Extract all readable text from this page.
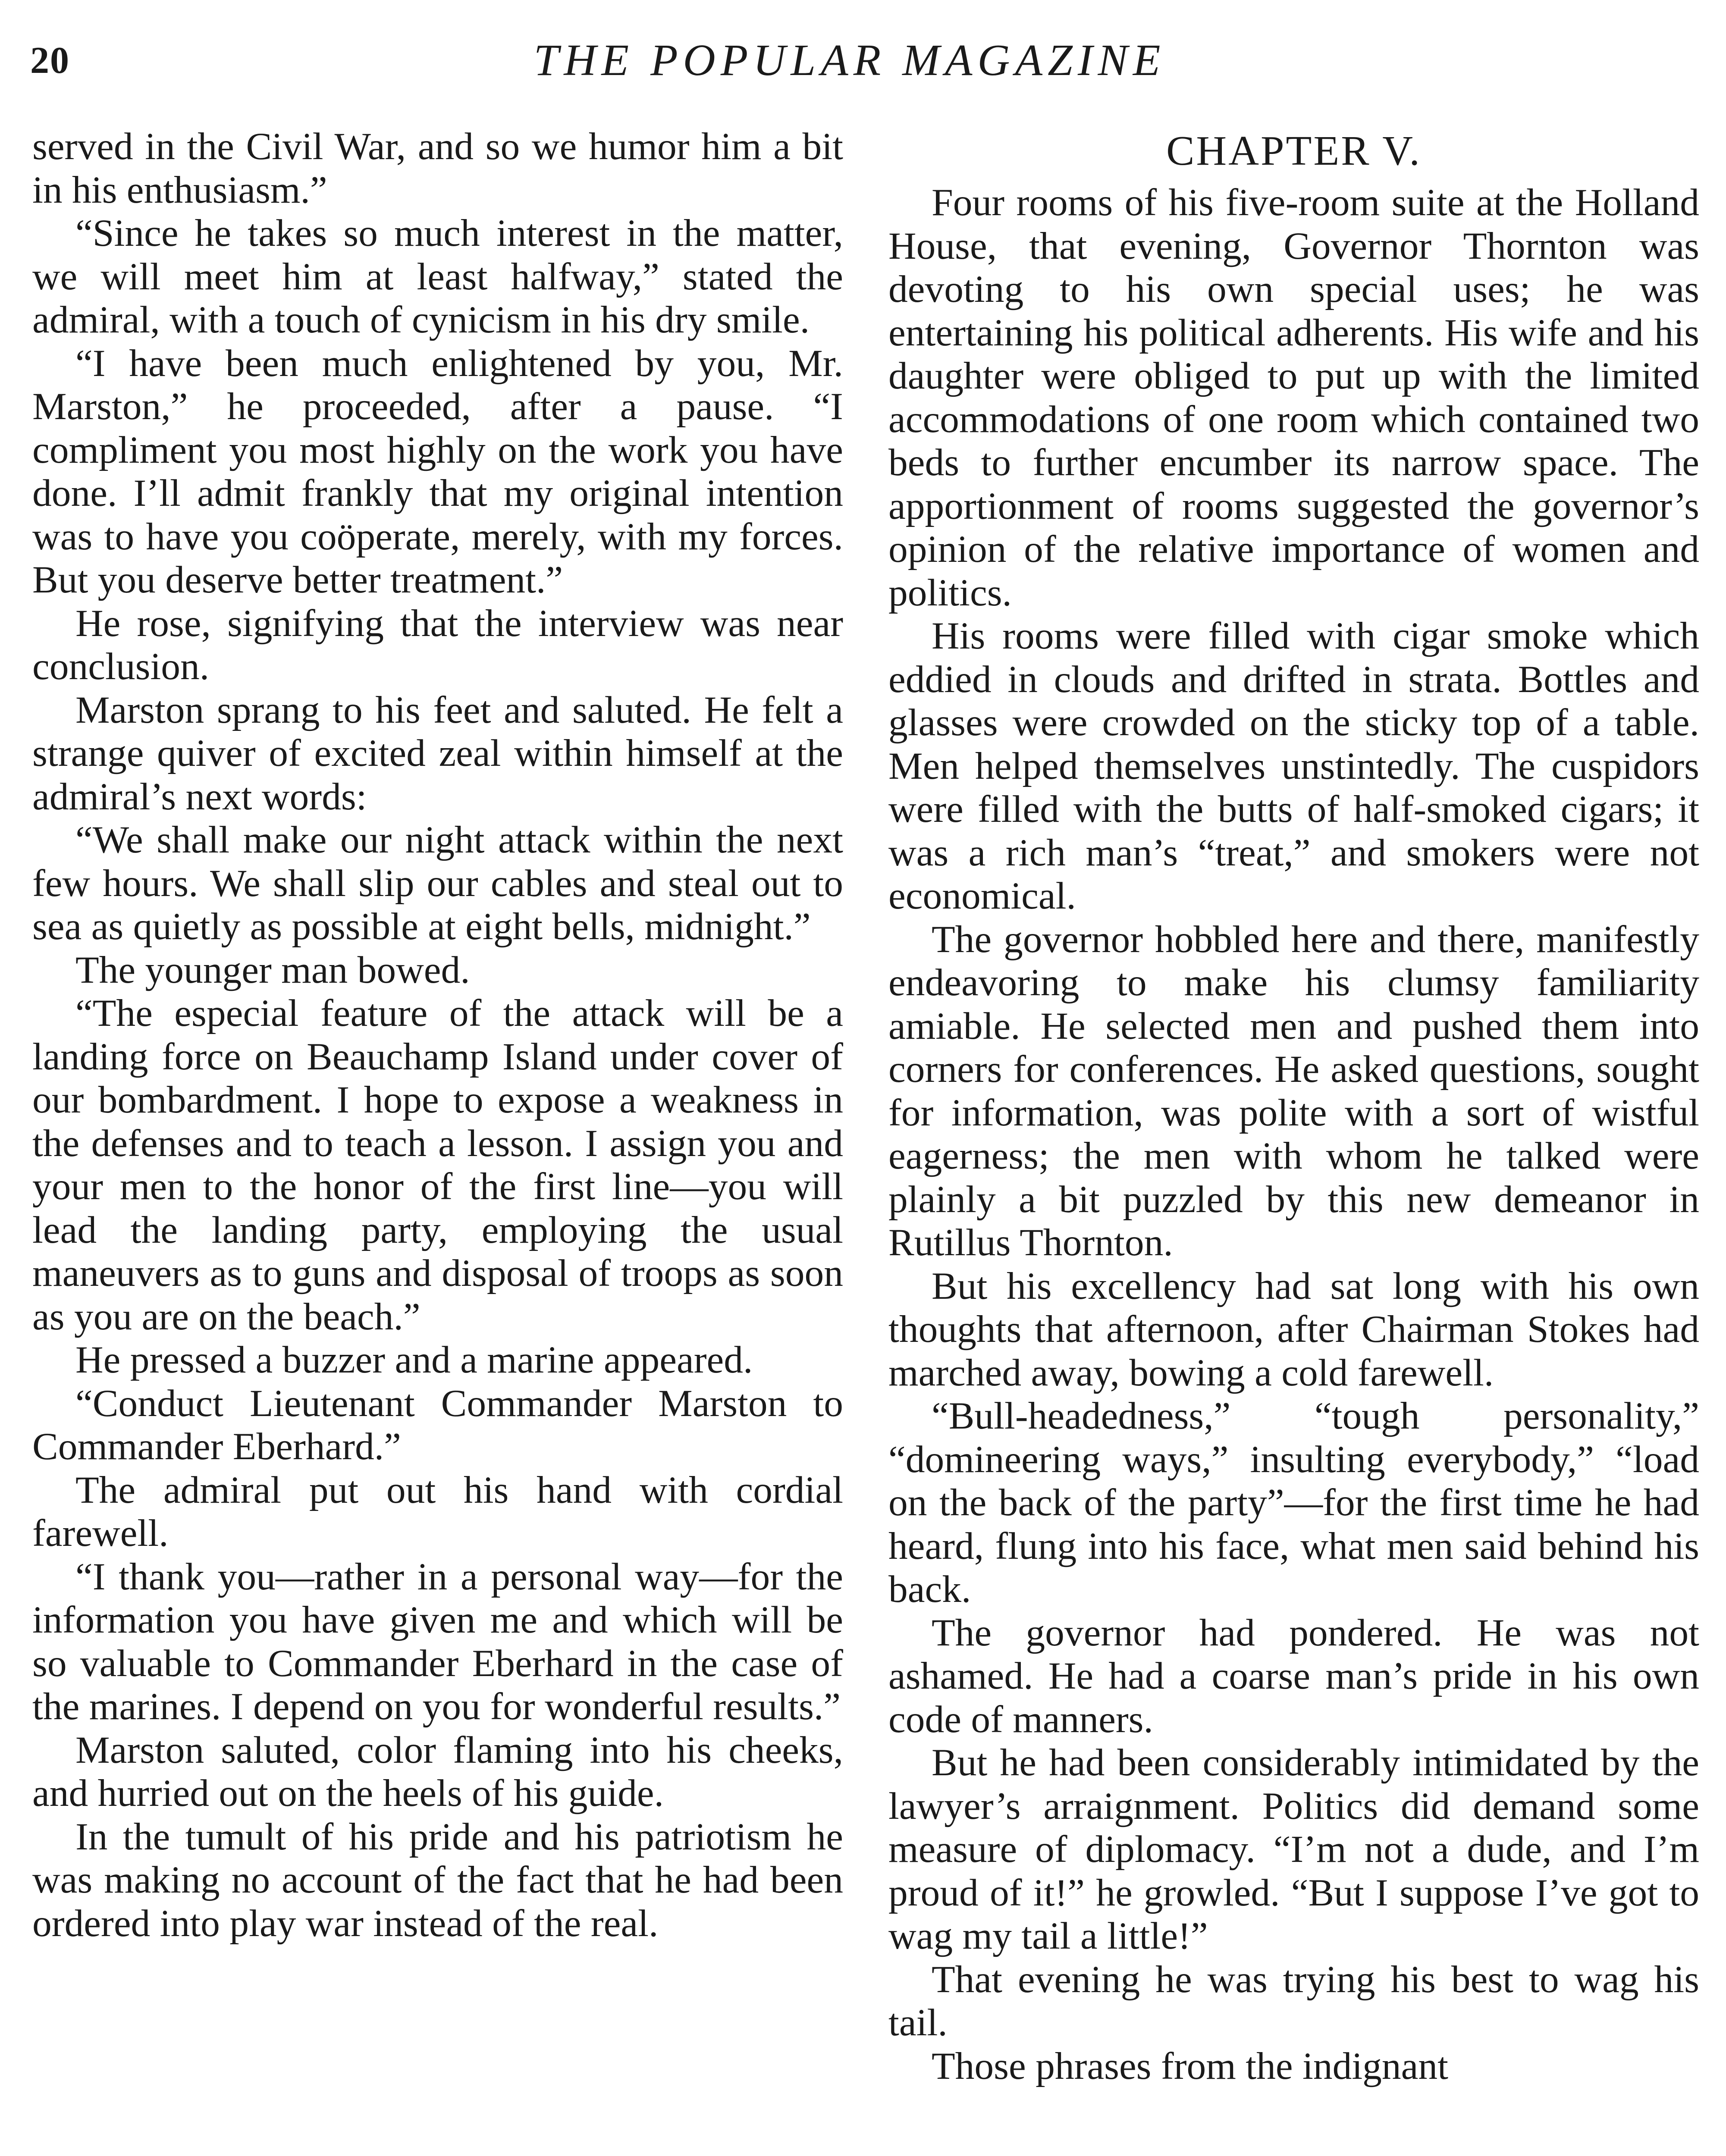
20	THE POPULAR MAGAZINE

served in the Civil War, and so we humor him a bit in his enthusiasm.”

“Since he takes so much interest in the matter, we will meet him at least halfway,” stated the admiral, with a touch of cynicism in his dry smile.

“I have been much enlightened by you, Mr. Marston,” he proceeded, after a pause. “I compliment you most highly on the work you have done. I’ll admit frankly that my original intention was to have you coöperate, merely, with my forces. But you deserve better treatment.”

He rose, signifying that the interview was near conclusion.

Marston sprang to his feet and saluted. He felt a strange quiver of excited zeal within himself at the admiral’s next words:

“We shall make our night attack within the next few hours. We shall slip our cables and steal out to sea as quietly as possible at eight bells, midnight.”

The younger man bowed.

“The especial feature of the attack will be a landing force on Beauchamp Island under cover of our bombardment. I hope to expose a weakness in the defenses and to teach a lesson. I assign you and your men to the honor of the first line—you will lead the landing party, employing the usual maneuvers as to guns and disposal of troops as soon as you are on the beach.”

He pressed a buzzer and a marine appeared.

“Conduct Lieutenant Commander Marston to Commander Eberhard.”

The admiral put out his hand with cordial farewell.

“I thank you—rather in a personal way—for the information you have given me and which will be so valuable to Commander Eberhard in the case of the marines. I depend on you for wonderful results.”

Marston saluted, color flaming into his cheeks, and hurried out on the heels of his guide.

In the tumult of his pride and his patriotism he was making no account of the fact that he had been ordered into play war instead of the real.

CHAPTER V.

Four rooms of his five-room suite at the Holland House, that evening, Governor Thornton was devoting to his own special uses; he was entertaining his political adherents. His wife and his daughter were obliged to put up with the limited accommodations of one room which contained two beds to further encumber its narrow space. The apportionment of rooms suggested the governor’s opinion of the relative importance of women and politics.

His rooms were filled with cigar smoke which eddied in clouds and drifted in strata. Bottles and glasses were crowded on the sticky top of a table. Men helped themselves unstintedly. The cuspidors were filled with the butts of half-smoked cigars; it was a rich man’s “treat,” and smokers were not economical.

The governor hobbled here and there, manifestly endeavoring to make his clumsy familiarity amiable. He selected men and pushed them into corners for conferences. He asked questions, sought for information, was polite with a sort of wistful eagerness; the men with whom he talked were plainly a bit puzzled by this new demeanor in Rutillus Thornton.

But his excellency had sat long with his own thoughts that afternoon, after Chairman Stokes had marched away, bowing a cold farewell.

“Bull-headedness,” “tough personality,” “domineering ways,” insulting everybody,” “load on the back of the party”—for the first time he had heard, flung into his face, what men said behind his back.

The governor had pondered. He was not ashamed. He had a coarse man’s pride in his own code of manners.

But he had been considerably intimidated by the lawyer’s arraignment. Politics did demand some measure of diplomacy. “I’m not a dude, and I’m proud of it!” he growled. “But I suppose I’ve got to wag my tail a little!”

That evening he was trying his best to wag his tail.

Those phrases from the indignant
